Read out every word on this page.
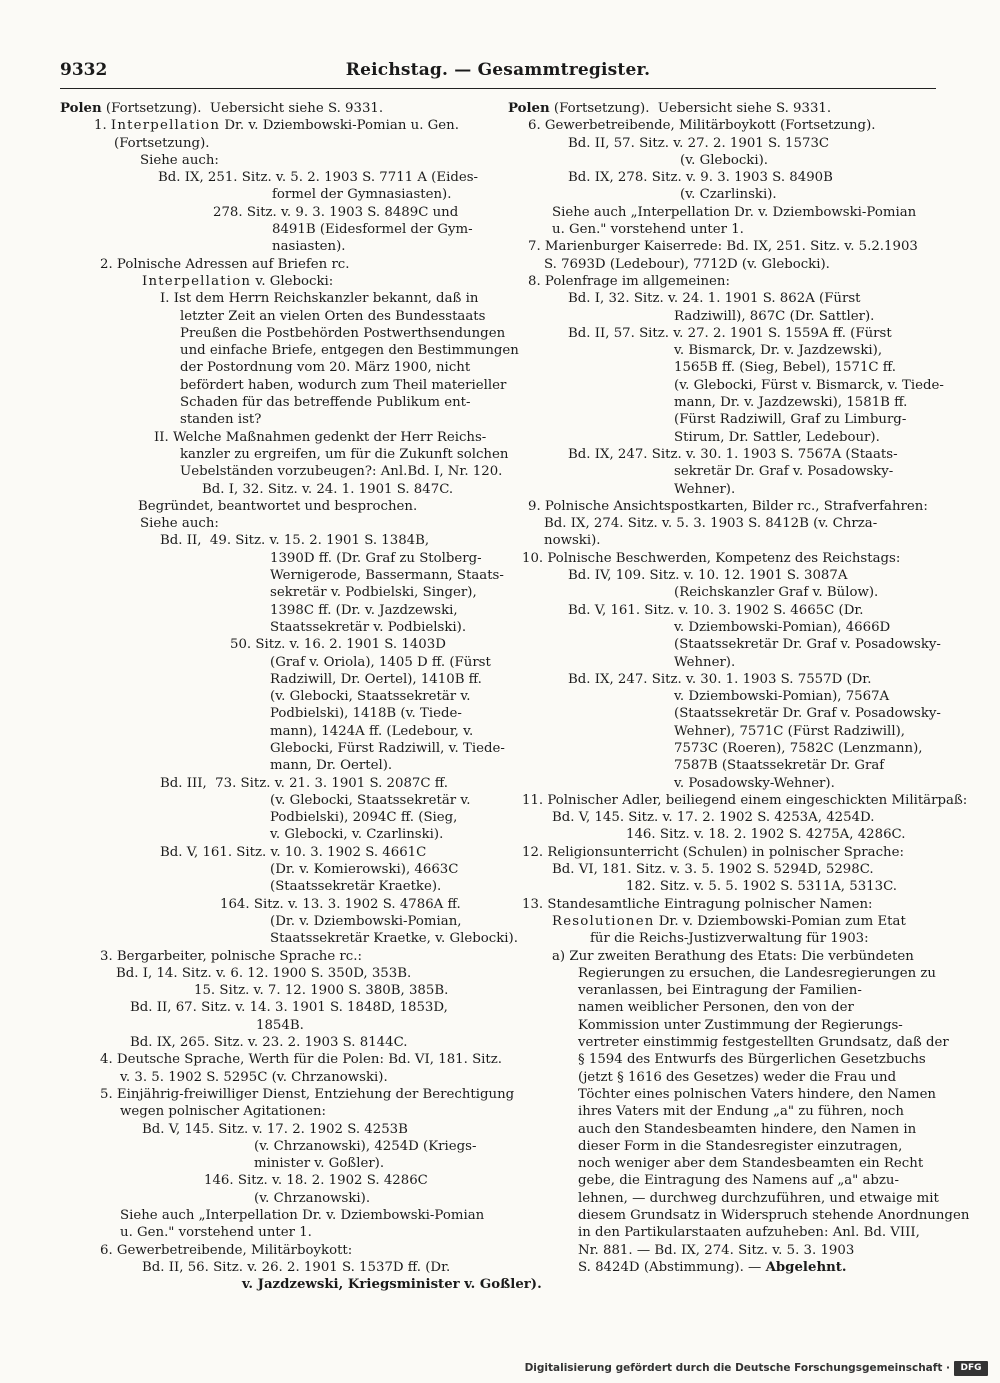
9332	Reichstag. — Gesammtregister.
Polen (Fortsetzung).  Uebersicht siehe S. 9331.
1. Interpellation Dr. v. Dziembowski-Pomian u. Gen.
(Fortsetzung).
Siehe auch:
Bd. IX, 251. Sitz. v. 5. 2. 1903 S. 7711 A (Eides-
formel der Gymnasiasten).
278. Sitz. v. 9. 3. 1903 S. 8489C und
8491B (Eidesformel der Gym-
nasiasten).
2. Polnische Adressen auf Briefen rc.
Interpellation v. Glebocki:
I. Ist dem Herrn Reichskanzler bekannt, daß in
letzter Zeit an vielen Orten des Bundesstaats
Preußen die Postbehörden Postwerthsendungen
und einfache Briefe, entgegen den Bestimmungen
der Postordnung vom 20. März 1900, nicht
befördert haben, wodurch zum Theil materieller
Schaden für das betreffende Publikum ent-
standen ist?
II. Welche Maßnahmen gedenkt der Herr Reichs-
kanzler zu ergreifen, um für die Zukunft solchen
Uebelständen vorzubeugen?: Anl.Bd. I, Nr. 120.
Bd. I, 32. Sitz. v. 24. 1. 1901 S. 847C.
Begründet, beantwortet und besprochen.
Siehe auch:
Bd. II,  49. Sitz. v. 15. 2. 1901 S. 1384B,
1390D ff. (Dr. Graf zu Stolberg-
Wernigerode, Bassermann, Staats-
sekretär v. Podbielski, Singer),
1398C ff. (Dr. v. Jazdzewski,
Staatssekretär v. Podbielski).
50. Sitz. v. 16. 2. 1901 S. 1403D
(Graf v. Oriola), 1405 D ff. (Fürst
Radziwill, Dr. Oertel), 1410B ff.
(v. Glebocki, Staatssekretär v.
Podbielski), 1418B (v. Tiede-
mann), 1424A ff. (Ledebour, v.
Glebocki, Fürst Radziwill, v. Tiede-
mann, Dr. Oertel).
Bd. III,  73. Sitz. v. 21. 3. 1901 S. 2087C ff.
(v. Glebocki, Staatssekretär v.
Podbielski), 2094C ff. (Sieg,
v. Glebocki, v. Czarlinski).
Bd. V, 161. Sitz. v. 10. 3. 1902 S. 4661C
(Dr. v. Komierowski), 4663C
(Staatssekretär Kraetke).
164. Sitz. v. 13. 3. 1902 S. 4786A ff.
(Dr. v. Dziembowski-Pomian,
Staatssekretär Kraetke, v. Glebocki).
3. Bergarbeiter, polnische Sprache rc.:
Bd. I, 14. Sitz. v. 6. 12. 1900 S. 350D, 353B.
15. Sitz. v. 7. 12. 1900 S. 380B, 385B.
Bd. II, 67. Sitz. v. 14. 3. 1901 S. 1848D, 1853D,
1854B.
Bd. IX, 265. Sitz. v. 23. 2. 1903 S. 8144C.
4. Deutsche Sprache, Werth für die Polen: Bd. VI, 181. Sitz.
v. 3. 5. 1902 S. 5295C (v. Chrzanowski).
5. Einjährig-freiwilliger Dienst, Entziehung der Berechtigung
wegen polnischer Agitationen:
Bd. V, 145. Sitz. v. 17. 2. 1902 S. 4253B
(v. Chrzanowski), 4254D (Kriegs-
minister v. Goßler).
146. Sitz. v. 18. 2. 1902 S. 4286C
(v. Chrzanowski).
Siehe auch „Interpellation Dr. v. Dziembowski-Pomian
u. Gen." vorstehend unter 1.
6. Gewerbetreibende, Militärboykott:
Bd. II, 56. Sitz. v. 26. 2. 1901 S. 1537D ff. (Dr.
v. Jazdzewski, Kriegsminister v. Goßler).
Polen (Fortsetzung).  Uebersicht siehe S. 9331.
6. Gewerbetreibende, Militärboykott (Fortsetzung).
Bd. II, 57. Sitz. v. 27. 2. 1901 S. 1573C
(v. Glebocki).
Bd. IX, 278. Sitz. v. 9. 3. 1903 S. 8490B
(v. Czarlinski).
Siehe auch „Interpellation Dr. v. Dziembowski-Pomian
u. Gen." vorstehend unter 1.
7. Marienburger Kaiserrede: Bd. IX, 251. Sitz. v. 5.2.1903
S. 7693D (Ledebour), 7712D (v. Glebocki).
8. Polenfrage im allgemeinen:
Bd. I, 32. Sitz. v. 24. 1. 1901 S. 862A (Fürst
Radziwill), 867C (Dr. Sattler).
Bd. II, 57. Sitz. v. 27. 2. 1901 S. 1559A ff. (Fürst
v. Bismarck, Dr. v. Jazdzewski),
1565B ff. (Sieg, Bebel), 1571C ff.
(v. Glebocki, Fürst v. Bismarck, v. Tiede-
mann, Dr. v. Jazdzewski), 1581B ff.
(Fürst Radziwill, Graf zu Limburg-
Stirum, Dr. Sattler, Ledebour).
Bd. IX, 247. Sitz. v. 30. 1. 1903 S. 7567A (Staats-
sekretär Dr. Graf v. Posadowsky-
Wehner).
9. Polnische Ansichtspostkarten, Bilder rc., Strafverfahren:
Bd. IX, 274. Sitz. v. 5. 3. 1903 S. 8412B (v. Chrza-
nowski).
10. Polnische Beschwerden, Kompetenz des Reichstags:
Bd. IV, 109. Sitz. v. 10. 12. 1901 S. 3087A
(Reichskanzler Graf v. Bülow).
Bd. V, 161. Sitz. v. 10. 3. 1902 S. 4665C (Dr.
v. Dziembowski-Pomian), 4666D
(Staatssekretär Dr. Graf v. Posadowsky-
Wehner).
Bd. IX, 247. Sitz. v. 30. 1. 1903 S. 7557D (Dr.
v. Dziembowski-Pomian), 7567A
(Staatssekretär Dr. Graf v. Posadowsky-
Wehner), 7571C (Fürst Radziwill),
7573C (Roeren), 7582C (Lenzmann),
7587B (Staatssekretär Dr. Graf
v. Posadowsky-Wehner).
11. Polnischer Adler, beiliegend einem eingeschickten Militärpaß:
Bd. V, 145. Sitz. v. 17. 2. 1902 S. 4253A, 4254D.
146. Sitz. v. 18. 2. 1902 S. 4275A, 4286C.
12. Religionsunterricht (Schulen) in polnischer Sprache:
Bd. VI, 181. Sitz. v. 3. 5. 1902 S. 5294D, 5298C.
182. Sitz. v. 5. 5. 1902 S. 5311A, 5313C.
13. Standesamtliche Eintragung polnischer Namen:
Resolutionen Dr. v. Dziembowski-Pomian zum Etat
für die Reichs-Justizverwaltung für 1903:
a) Zur zweiten Berathung des Etats: Die verbündeten
Regierungen zu ersuchen, die Landesregierungen zu
veranlassen, bei Eintragung der Familien-
namen weiblicher Personen, den von der
Kommission unter Zustimmung der Regierungs-
vertreter einstimmig festgestellten Grundsatz, daß der
§ 1594 des Entwurfs des Bürgerlichen Gesetzbuchs
(jetzt § 1616 des Gesetzes) weder die Frau und
Töchter eines polnischen Vaters hindere, den Namen
ihres Vaters mit der Endung „a" zu führen, noch
auch den Standesbeamten hindere, den Namen in
dieser Form in die Standesregister einzutragen,
noch weniger aber dem Standesbeamten ein Recht
gebe, die Eintragung des Namens auf „a" abzu-
lehnen, — durchweg durchzuführen, und etwaige mit
diesem Grundsatz in Widerspruch stehende Anordnungen
in den Partikularstaaten aufzuheben: Anl. Bd. VIII,
Nr. 881. — Bd. IX, 274. Sitz. v. 5. 3. 1903
S. 8424D (Abstimmung). — Abgelehnt.
Digitalisierung gefördert durch die Deutsche Forschungsgemeinschaft ·	DFG
